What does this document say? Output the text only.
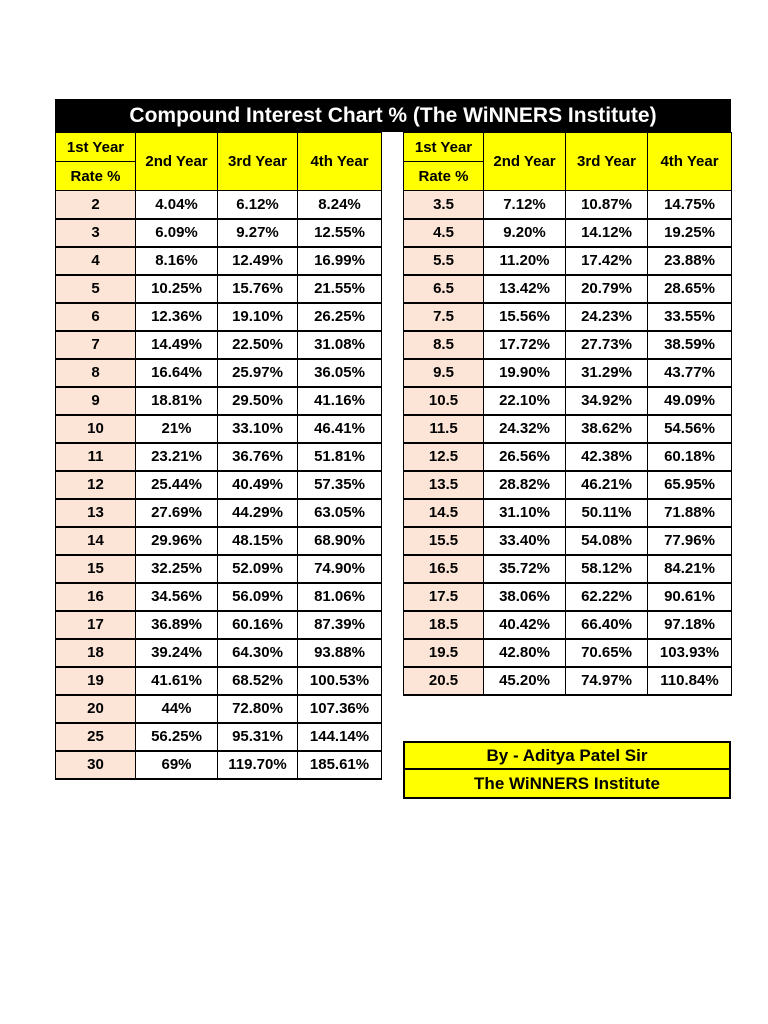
Compound Interest Chart % (The WiNNERS Institute)
1st Year	2nd Year	3rd Year	4th Year
Rate %			
2	4.04%	6.12%	8.24%
3	6.09%	9.27%	12.55%
4	8.16%	12.49%	16.99%
5	10.25%	15.76%	21.55%
6	12.36%	19.10%	26.25%
7	14.49%	22.50%	31.08%
8	16.64%	25.97%	36.05%
9	18.81%	29.50%	41.16%
10	21%	33.10%	46.41%
11	23.21%	36.76%	51.81%
12	25.44%	40.49%	57.35%
13	27.69%	44.29%	63.05%
14	29.96%	48.15%	68.90%
15	32.25%	52.09%	74.90%
16	34.56%	56.09%	81.06%
17	36.89%	60.16%	87.39%
18	39.24%	64.30%	93.88%
19	41.61%	68.52%	100.53%
20	44%	72.80%	107.36%
25	56.25%	95.31%	144.14%
30	69%	119.70%	185.61%
1st Year	2nd Year	3rd Year	4th Year
Rate %			
3.5	7.12%	10.87%	14.75%
4.5	9.20%	14.12%	19.25%
5.5	11.20%	17.42%	23.88%
6.5	13.42%	20.79%	28.65%
7.5	15.56%	24.23%	33.55%
8.5	17.72%	27.73%	38.59%
9.5	19.90%	31.29%	43.77%
10.5	22.10%	34.92%	49.09%
11.5	24.32%	38.62%	54.56%
12.5	26.56%	42.38%	60.18%
13.5	28.82%	46.21%	65.95%
14.5	31.10%	50.11%	71.88%
15.5	33.40%	54.08%	77.96%
16.5	35.72%	58.12%	84.21%
17.5	38.06%	62.22%	90.61%
18.5	40.42%	66.40%	97.18%
19.5	42.80%	70.65%	103.93%
20.5	45.20%	74.97%	110.84%
By - Aditya Patel Sir
The WiNNERS Institute
